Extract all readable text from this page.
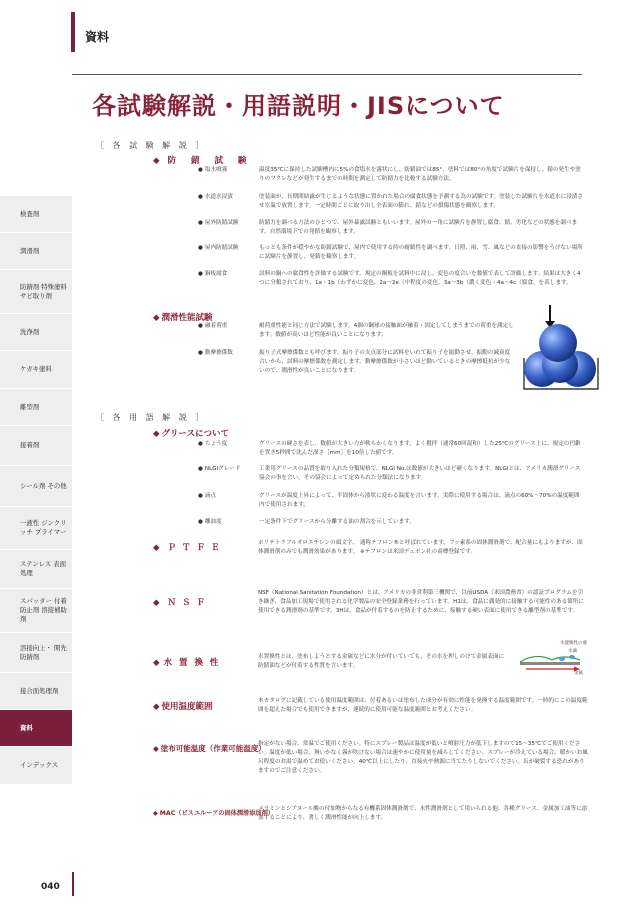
資料
各試験解説・用語説明・JISについて
［ 各 試 験 解 説 ］
◆ 防 錆 試 験
● 塩水噴霧	温度35℃に保持した試験槽内に5%の食塩水を霧状にし、防錆油では85°、塗料では80°の角度で試験片を保持し、錆の発生や塗りのフクレなどが発生するまでの時間を測定して防錆力を比較する試験方法。
● 水道水浸漬	塗装面が、長期間結露が生じるような状態に置かれた場合の腐食状態を予測する為の試験です。塗装した試験片を水道水に浸漬させ室温で放置します。一定時間ごとに取り出し全表面の膨れ、錆などの損傷状態を観察します。
● 屋外防錆試験	防錆力を調べる方法のひとつで、屋外暴露試験ともいいます。屋外の一角に試験片を静置し腐食、錆、劣化などの状態を調べます。自然環境下での発錆を観察します。
● 屋内防錆試験	もっとも条件が穏やかな防錆試験で、屋内で使用する時の耐錆性を調べます。日照、雨、雪、風などの直接の影響をうけない場所に試験片を静置し、発錆を観察します。
● 銅板腐食	試料の銅への腐食性を評価する試験です。規定の銅板を試料中に浸し、変色の度合いを数値で表して評価します。結果は大きく4つに分類されており、1a・1b（わずかに変色、2a〜2e（中程度の変色、3a〜3b（濃く変色・4a〜4c（腐食、を表します。
◆ 潤滑性能試験
● 融着荷重	耐荷重性能と同じ方法で試験します。4個の鋼球の接触面が融着・固定してしまうまでの荷重を測定します。数値が高いほど性能が良いことになります。
● 動摩擦係数	振り子式摩擦係数とも呼びます。振り子の支点部分に試料をいれて振り子を振動させ、振動の減衰度合いから、試料の摩擦係数を測定します。動摩擦係数が小さいほど動いているときの摩擦抵抗が少ないので、潤滑性が良いことになります。
［ 各 用 語 解 説 ］
◆ グリースについて
● ちょう度	グリースの硬さを表し、数値が大きい方が軟らかくなります。よく撹拌（通常60回混和）した25℃のグリース上に、規定の円錐を置き5秒間で沈んだ深さ［mm］を10倍した値です。
● NLGIグレード	工業用グリースの品質を取り入れた分類規格で、NLGI No.は数値が大きいほど硬くなります。NLGIとは、アメリカ潤滑グリース協会の事を言い、その協会によって定められた分類法になります。
● 滴点	グリースが温度上昇によって、半固体から液状に変わる温度を言います。実際に使用する場合は、滴点の60%〜70%の温度範囲内で使用されます。
● 離油度	一定条件下でグリースから分離する油の割合を示しています。
◆ ＰＴＦＥ	ポリテトラフルオロエチレンの頭文字、 通称テフロン®と呼ばれています。フッ素系の固体潤滑剤で、配合量にもよりますが、固体潤滑剤のみでも潤滑効果があります。 ※テフロンは米国デュポン社の商標登録です。
◆ ＮＳＦ
NSF（National Sanitation Foundation）とは、アメリカの非営利第三機関で、以前USDA（米国農務省）の認証プログラムを引き継ぎ、食品加工現場で使用される化学製品の安全登録業務を行っています。H1は、食品に偶発的に接触する可能性のある箇所に使用できる潤滑剤の基準です。3Hは、食品が付着するのを防止するために、接触する硬い表面に使用できる離型剤の基準です。
◆ 水 置 換 性
水置換性とは、塗布しようとする金属などに水分が付いていても、その水を押しのけて金属表面に防錆油などが付着する性質を言います。
水置換性の液
水滴
金属
◆ 使用温度範囲
本カタログに記載している使用温度範囲は、付着あるいは塗布した成分が有効に性能を発揮する温度範囲です。一時的にこの温度範囲を超えた場合でも使用できますが、連続的に使用可能な温度範囲とお考えください。
◆ 塗布可能温度（作業可能温度）
指定がない場合、常温でご使用ください。特にスプレー製品は温度が低いと噴射圧力が低下しますので15〜35℃でご使用ください。温度が低い場合、無いかなく霧が吹けない場合は速やかに使用量を減らしてください。スプレーが冷えている場合、暖かいお風呂程度のお湯で温めてお使いください。40℃以上にしたり、直接火や熱源に当てたりしないでください。缶が破裂する恐れがありますのでご注意ください。
◆ MAC（ビスユルーアの固体潤滑添加剤）
メラミンとシアヌール酸の付加物からなる有機系固体潤滑剤で、水性潤滑剤として用いられる他、各種グリース、金属加工油等に添加することにより、著しく潤滑性能が向上します。
検査剤
潤滑剤
防錆剤 特殊塗料 サビ取り剤
洗浄剤
ケガキ塗料
離型剤
接着剤
シール剤 その他
一液性 ジンクリッチ プライマー
ステンレス 表面処理
スパッター 付着防止剤 溶接補助剤
溶接向上・ 開先防錆剤
接合面処理剤
資料
インデックス
040
